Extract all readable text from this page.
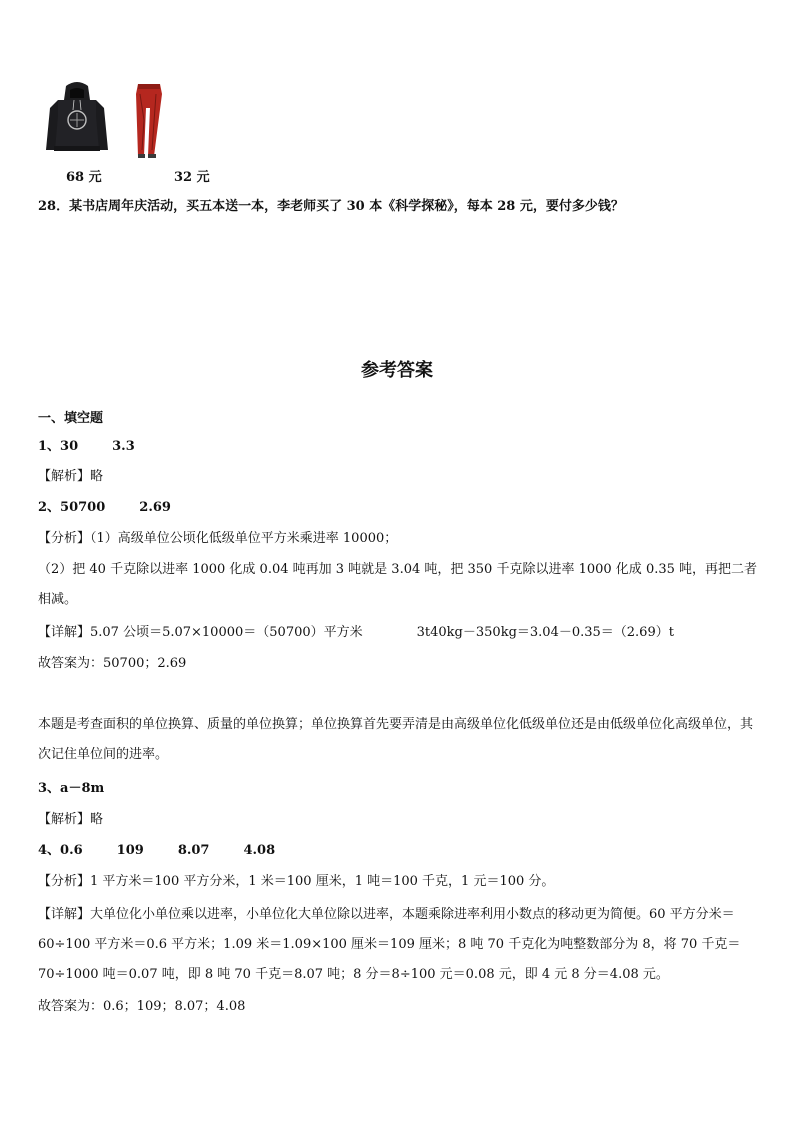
68 元	32 元
28．某书店周年庆活动，买五本送一本，李老师买了 30 本《科学探秘》，每本 28 元，要付多少钱？
参考答案
一、填空题
1、30	3.3
【解析】略
2、50700	2.69
【分析】（1）高级单位公顷化低级单位平方米乘进率 10000；
（2）把 40 千克除以进率 1000 化成 0.04 吨再加 3 吨就是 3.04 吨，把 350 千克除以进率 1000 化成 0.35 吨，再把二者相减。
【详解】5.07 公顷＝5.07×10000＝（50700）平方米	3t40kg－350kg＝3.04－0.35＝（2.69）t
故答案为：50700；2.69
本题是考查面积的单位换算、质量的单位换算；单位换算首先要弄清是由高级单位化低级单位还是由低级单位化高级单位，其次记住单位间的进率。
3、a－8m
【解析】略
4、0.6	109	8.07	4.08
【分析】1 平方米＝100 平方分米，1 米＝100 厘米，1 吨＝100 千克，1 元＝100 分。
【详解】大单位化小单位乘以进率，小单位化大单位除以进率，本题乘除进率利用小数点的移动更为简便。60 平方分米＝60÷100 平方米＝0.6 平方米；1.09 米＝1.09×100 厘米＝109 厘米；8 吨 70 千克化为吨整数部分为 8，将 70 千克＝70÷1000 吨＝0.07 吨，即 8 吨 70 千克＝8.07 吨；8 分＝8÷100 元＝0.08 元，即 4 元 8 分＝4.08 元。
故答案为：0.6；109；8.07；4.08
